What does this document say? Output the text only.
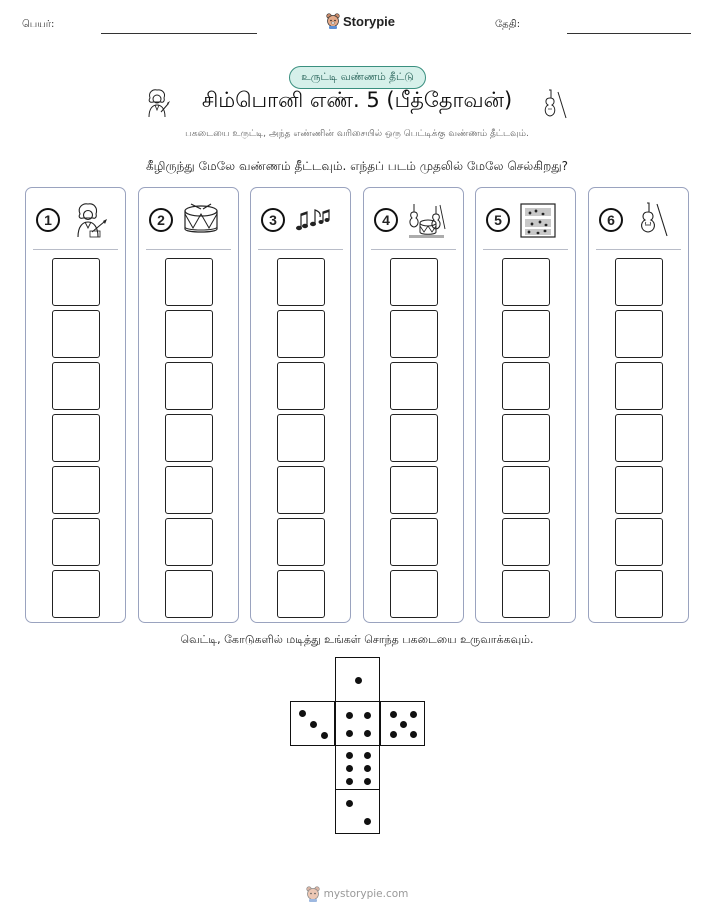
பெயர்:	Storypie	தேதி:
உருட்டி வண்ணம் தீட்டு
சிம்பொனி எண். 5 (பீத்தோவன்)
பகடையை உருட்டி, அந்த எண்ணின் வரிசையில் ஒரு பெட்டிக்கு வண்ணம் தீட்டவும்.
கீழிருந்து மேலே வண்ணம் தீட்டவும். எந்தப் படம் முதலில் மேலே செல்கிறது?
1	2	3	4	5	6
வெட்டி, கோடுகளில் மடித்து உங்கள் சொந்த பகடையை உருவாக்கவும்.
mystorypie.com
